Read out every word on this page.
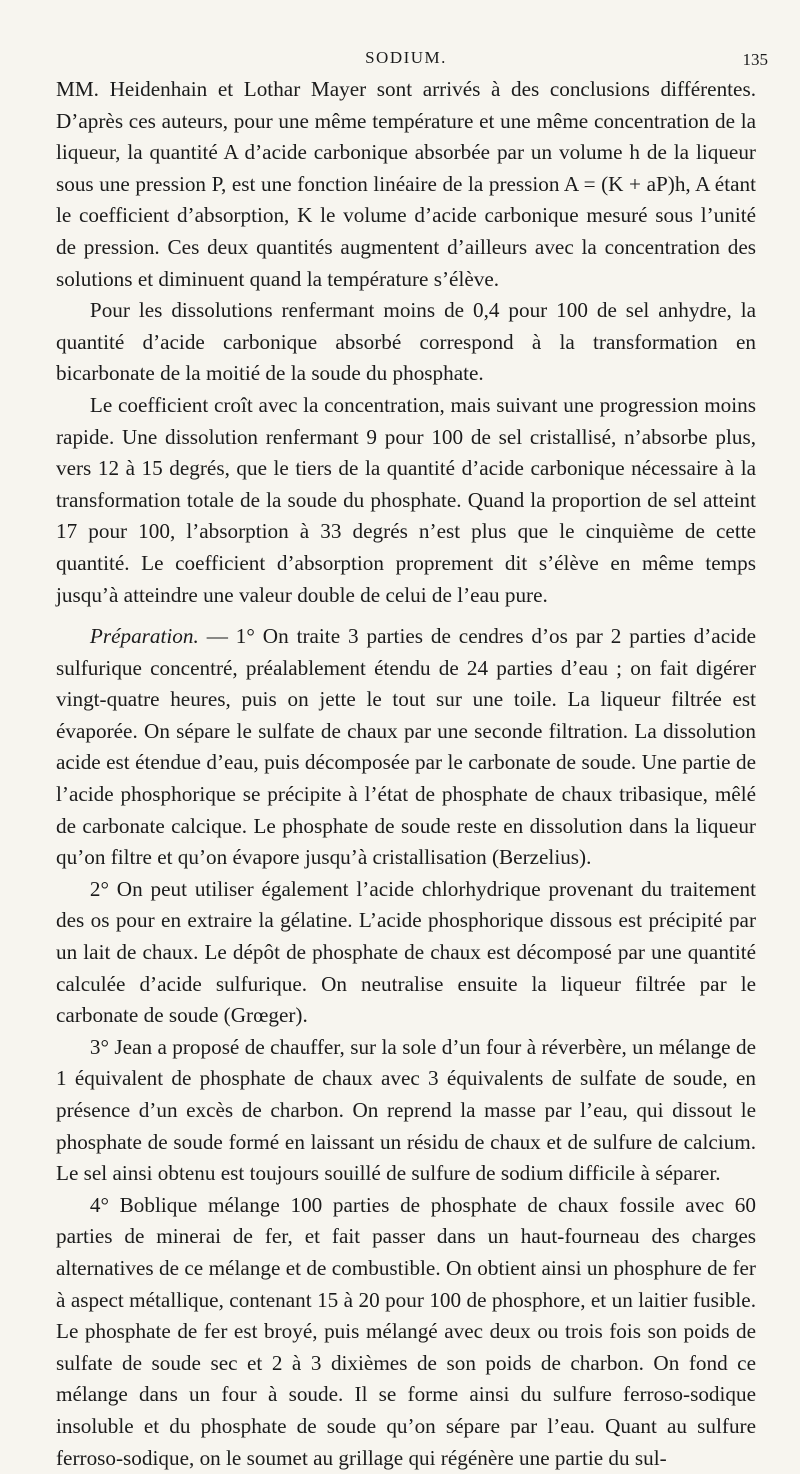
SODIUM.	135

MM. Heidenhain et Lothar Mayer sont arrivés à des conclusions différentes. D’après ces auteurs, pour une même température et une même concentration de la liqueur, la quantité A d’acide carbonique absorbée par un volume h de la liqueur sous une pression P, est une fonction linéaire de la pression A = (K + aP)h, A étant le coefficient d’absorption, K le volume d’acide carbonique mesuré sous l’unité de pression. Ces deux quantités augmentent d’ailleurs avec la concentration des solutions et diminuent quand la température s’élève.

Pour les dissolutions renfermant moins de 0,4 pour 100 de sel anhydre, la quantité d’acide carbonique absorbé correspond à la transformation en bicarbonate de la moitié de la soude du phosphate.

Le coefficient croît avec la concentration, mais suivant une progression moins rapide. Une dissolution renfermant 9 pour 100 de sel cristallisé, n’absorbe plus, vers 12 à 15 degrés, que le tiers de la quantité d’acide carbonique nécessaire à la transformation totale de la soude du phosphate. Quand la proportion de sel atteint 17 pour 100, l’absorption à 33 degrés n’est plus que le cinquième de cette quantité. Le coefficient d’absorption proprement dit s’élève en même temps jusqu’à atteindre une valeur double de celui de l’eau pure.

Préparation. — 1° On traite 3 parties de cendres d’os par 2 parties d’acide sulfurique concentré, préalablement étendu de 24 parties d’eau ; on fait digérer vingt-quatre heures, puis on jette le tout sur une toile. La liqueur filtrée est évaporée. On sépare le sulfate de chaux par une seconde filtration. La dissolution acide est étendue d’eau, puis décomposée par le carbonate de soude. Une partie de l’acide phosphorique se précipite à l’état de phosphate de chaux tribasique, mêlé de carbonate calcique. Le phosphate de soude reste en dissolution dans la liqueur qu’on filtre et qu’on évapore jusqu’à cristallisation (Berzelius).

2° On peut utiliser également l’acide chlorhydrique provenant du traitement des os pour en extraire la gélatine. L’acide phosphorique dissous est précipité par un lait de chaux. Le dépôt de phosphate de chaux est décomposé par une quantité calculée d’acide sulfurique. On neutralise ensuite la liqueur filtrée par le carbonate de soude (Grœger).

3° Jean a proposé de chauffer, sur la sole d’un four à réverbère, un mélange de 1 équivalent de phosphate de chaux avec 3 équivalents de sulfate de soude, en présence d’un excès de charbon. On reprend la masse par l’eau, qui dissout le phosphate de soude formé en laissant un résidu de chaux et de sulfure de calcium. Le sel ainsi obtenu est toujours souillé de sulfure de sodium difficile à séparer.

4° Boblique mélange 100 parties de phosphate de chaux fossile avec 60 parties de minerai de fer, et fait passer dans un haut-fourneau des charges alternatives de ce mélange et de combustible. On obtient ainsi un phosphure de fer à aspect métallique, contenant 15 à 20 pour 100 de phosphore, et un laitier fusible. Le phosphate de fer est broyé, puis mélangé avec deux ou trois fois son poids de sulfate de soude sec et 2 à 3 dixièmes de son poids de charbon. On fond ce mélange dans un four à soude. Il se forme ainsi du sulfure ferroso-sodique insoluble et du phosphate de soude qu’on sépare par l’eau. Quant au sulfure ferroso-sodique, on le soumet au grillage qui régénère une partie du sul-
